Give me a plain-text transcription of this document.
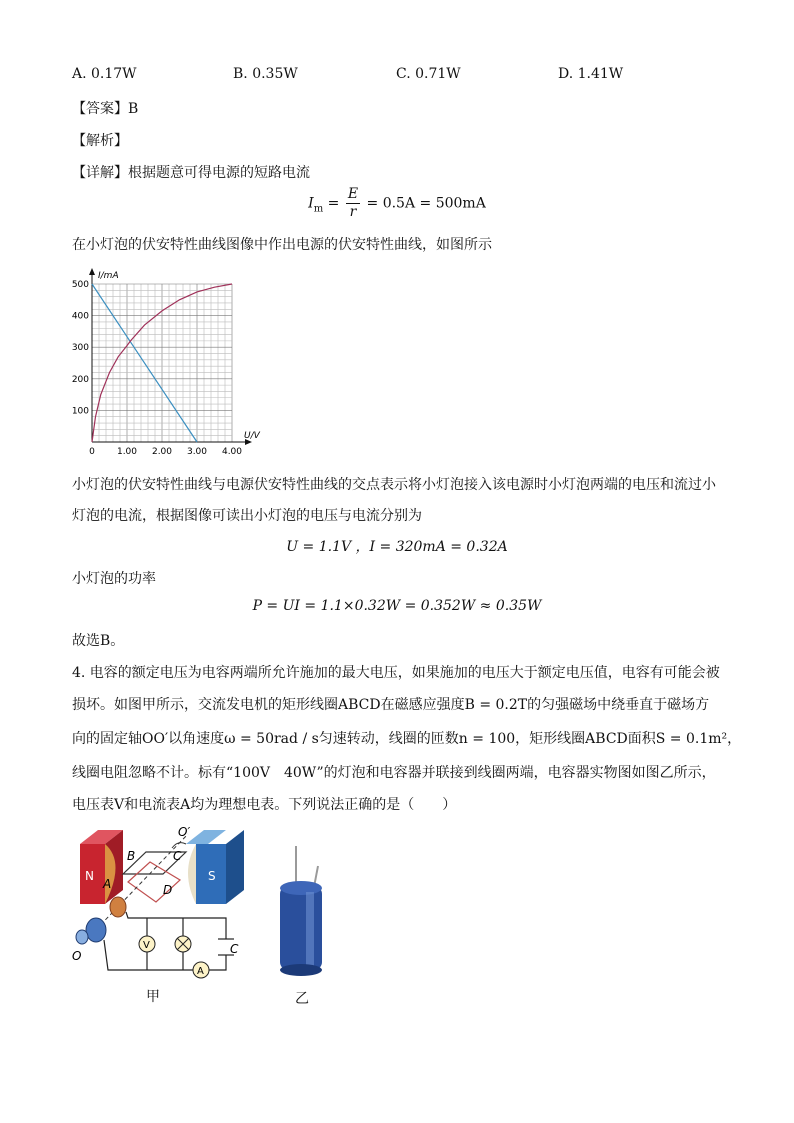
A. 0.17W	B. 0.35W	C. 0.71W	D. 1.41W
【答案】B
【解析】
【详解】根据题意可得电源的短路电流
$I_m = \frac{E}{r} = 0.5A = 500mA$
在小灯泡的伏安特性曲线图像中作出电源的伏安特性曲线，如图所示
I/mA
U/V
0 1.00 2.00 3.00 4.00
100
200
300
400
500
小灯泡的伏安特性曲线与电源伏安特性曲线的交点表示将小灯泡接入该电源时小灯泡两端的电压和流过小
灯泡的电流，根据图像可读出小灯泡的电压与电流分别为
U = 1.1V ，I = 320mA = 0.32A
小灯泡的功率
P = UI = 1.1×0.32W = 0.352W ≈ 0.35W
故选B。
4. 电容的额定电压为电容两端所允许施加的最大电压，如果施加的电压大于额定电压值，电容有可能会被
损坏。如图甲所示，交流发电机的矩形线圈ABCD在磁感应强度B = 0.2T的匀强磁场中绕垂直于磁场方
向的固定轴OO′以角速度ω = 50rad / s匀速转动，线圈的匝数n = 100，矩形线圈ABCD面积S = 0.1m²，
线圈电阻忽略不计。标有“100V　40W”的灯泡和电容器并联接到线圈两端，电容器实物图如图乙所示，
电压表V和电流表A均为理想电表。下列说法正确的是（　　）
N	S
O′
O
B	C
A	D
V	C
A
甲	乙
